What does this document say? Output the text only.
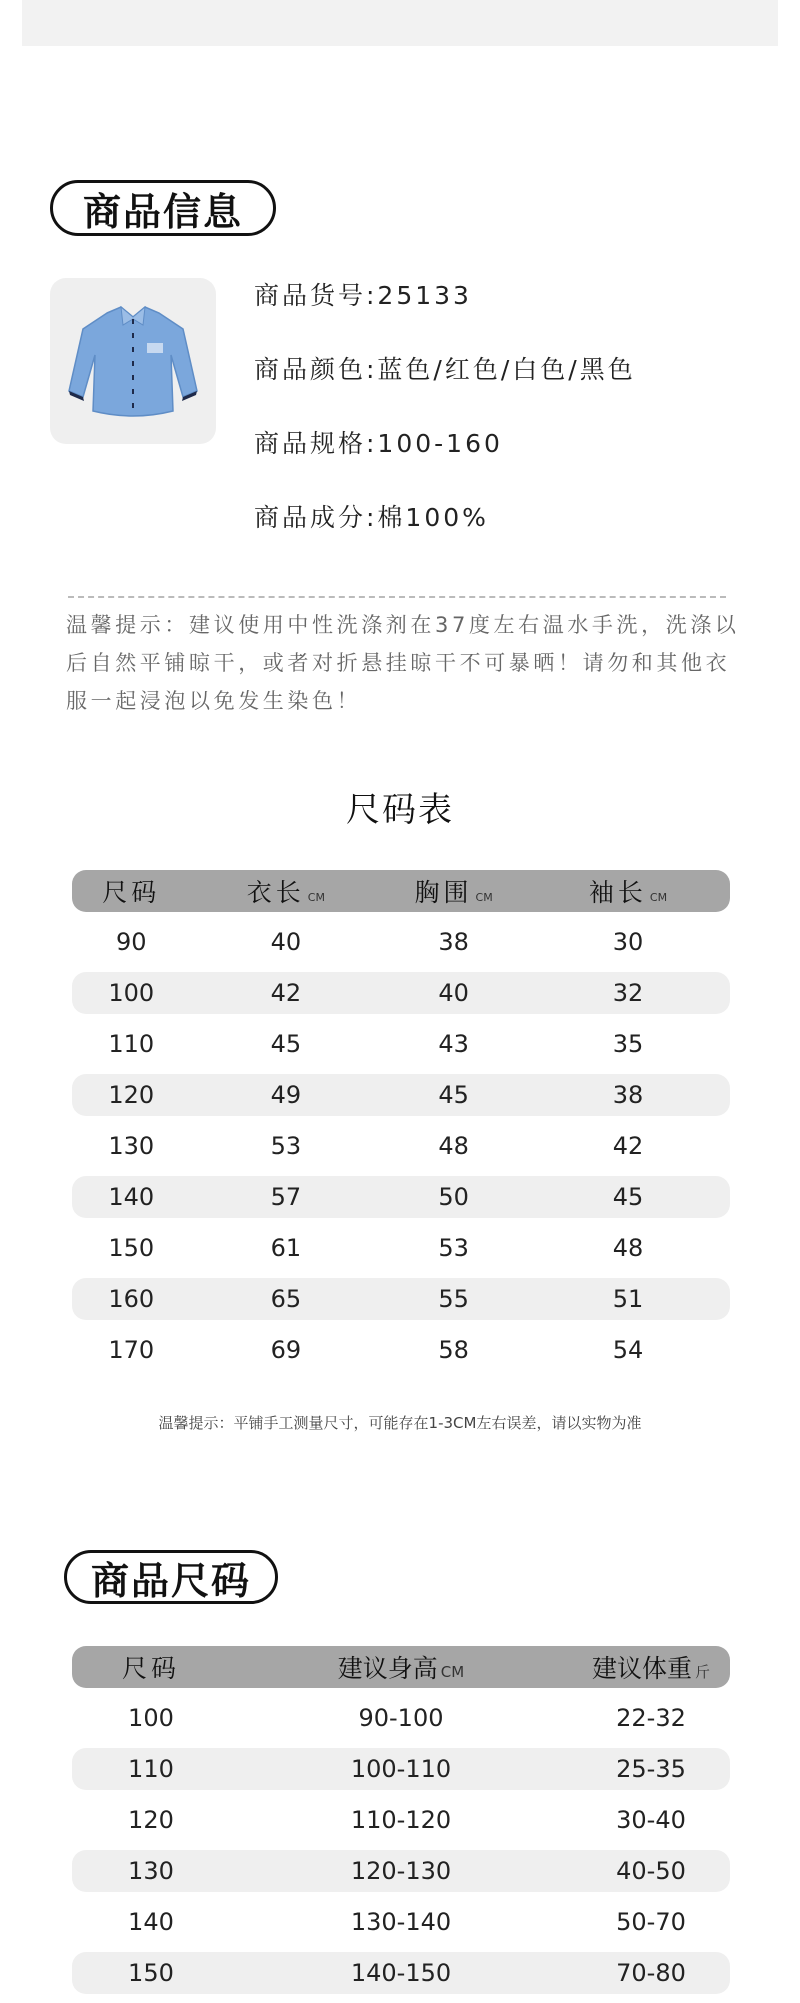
商品信息
商品货号:25133
商品颜色:蓝色/红色/白色/黑色
商品规格:100-160
商品成分:棉100%
温馨提示：建议使用中性洗涤剂在37度左右温水手洗，洗涤以后自然平铺晾干，或者对折悬挂晾干不可暴晒！请勿和其他衣服一起浸泡以免发生染色！
尺码表
尺码	衣长 CM	胸围 CM	袖长 CM
90	40	38	30
100	42	40	32
110	45	43	35
120	49	45	38
130	53	48	42
140	57	50	45
150	61	53	48
160	65	55	51
170	69	58	54
温馨提示：平铺手工测量尺寸，可能存在1-3CM左右误差，请以实物为准
商品尺码
尺码	建议身高 CM	建议体重 斤
100	90-100	22-32
110	100-110	25-35
120	110-120	30-40
130	120-130	40-50
140	130-140	50-70
150	140-150	70-80
